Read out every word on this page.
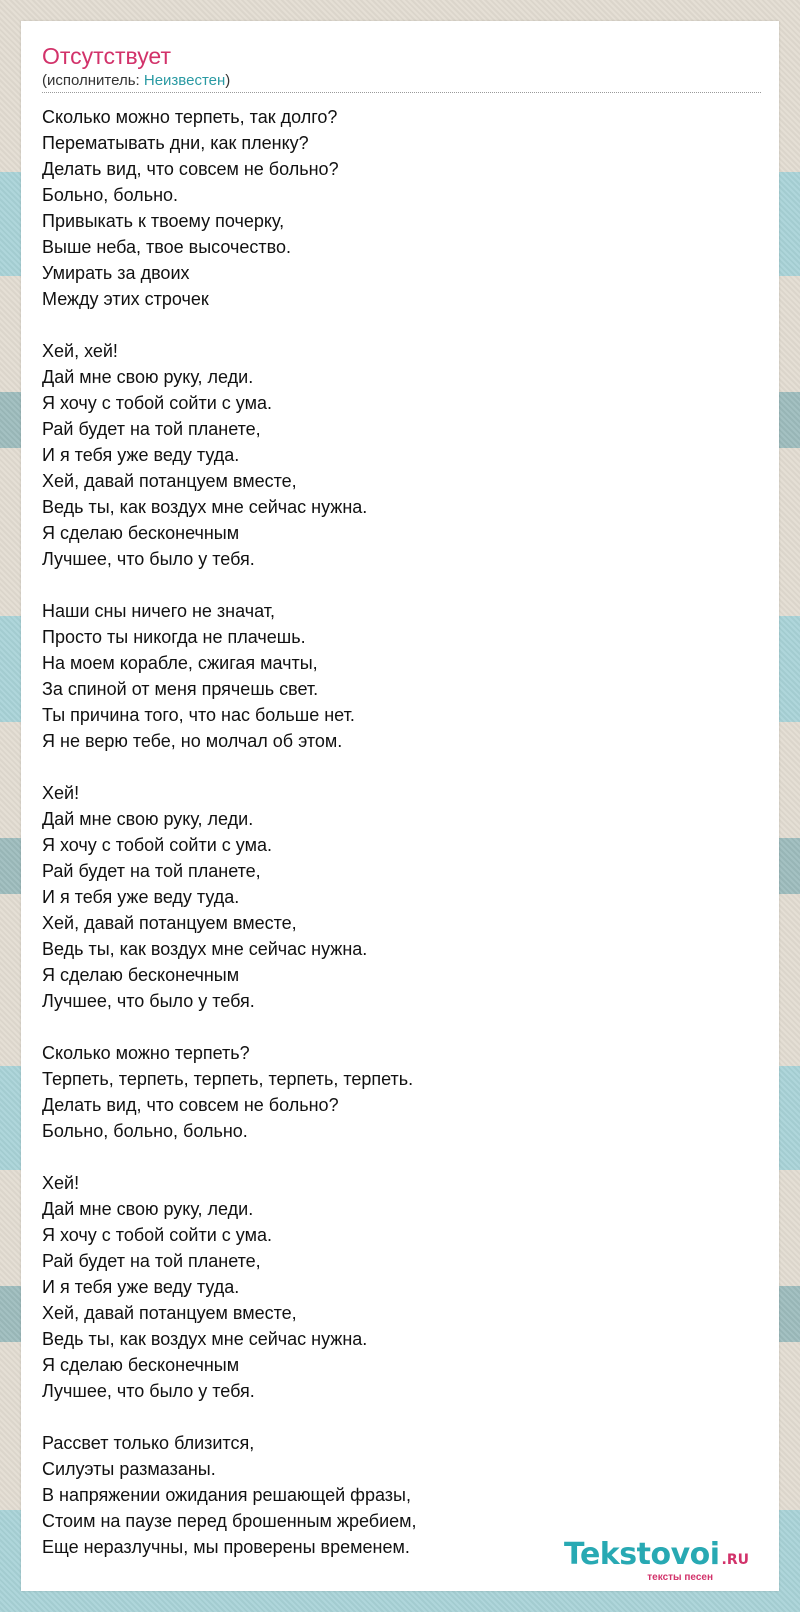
Отсутствует
(исполнитель: Неизвестен)

Сколько можно терпеть, так долго?

Перематывать дни, как пленку?

Делать вид, что совсем не больно?

Больно, больно.

Привыкать к твоему почерку,

Выше неба, твое высочество.

Умирать за двоих

Между этих строчек

Хей, хей!

Дай мне свою руку, леди.

Я хочу с тобой сойти с ума.

Рай будет на той планете,

И я тебя уже веду туда.

Хей, давай потанцуем вместе,

Ведь ты, как воздух мне сейчас нужна.

Я сделаю бесконечным

Лучшее, что было у тебя.

Наши сны ничего не значат,

Просто ты никогда не плачешь.

На моем корабле, сжигая мачты,

За спиной от меня прячешь свет.

Ты причина того, что нас больше нет.

Я не верю тебе, но молчал об этом.

Хей!

Дай мне свою руку, леди.

Я хочу с тобой сойти с ума.

Рай будет на той планете,

И я тебя уже веду туда.

Хей, давай потанцуем вместе,

Ведь ты, как воздух мне сейчас нужна.

Я сделаю бесконечным

Лучшее, что было у тебя.

Сколько можно терпеть?

Терпеть, терпеть, терпеть, терпеть, терпеть.

Делать вид, что совсем не больно?

Больно, больно, больно.

Хей!

Дай мне свою руку, леди.

Я хочу с тобой сойти с ума.

Рай будет на той планете,

И я тебя уже веду туда.

Хей, давай потанцуем вместе,

Ведь ты, как воздух мне сейчас нужна.

Я сделаю бесконечным

Лучшее, что было у тебя.

Рассвет только близится,

Силуэты размазаны.

В напряжении ожидания решающей фразы,

Стоим на паузе перед брошенным жребием,

Еще неразлучны, мы проверены временем.	Tekstovoi .RU
тексты песен
